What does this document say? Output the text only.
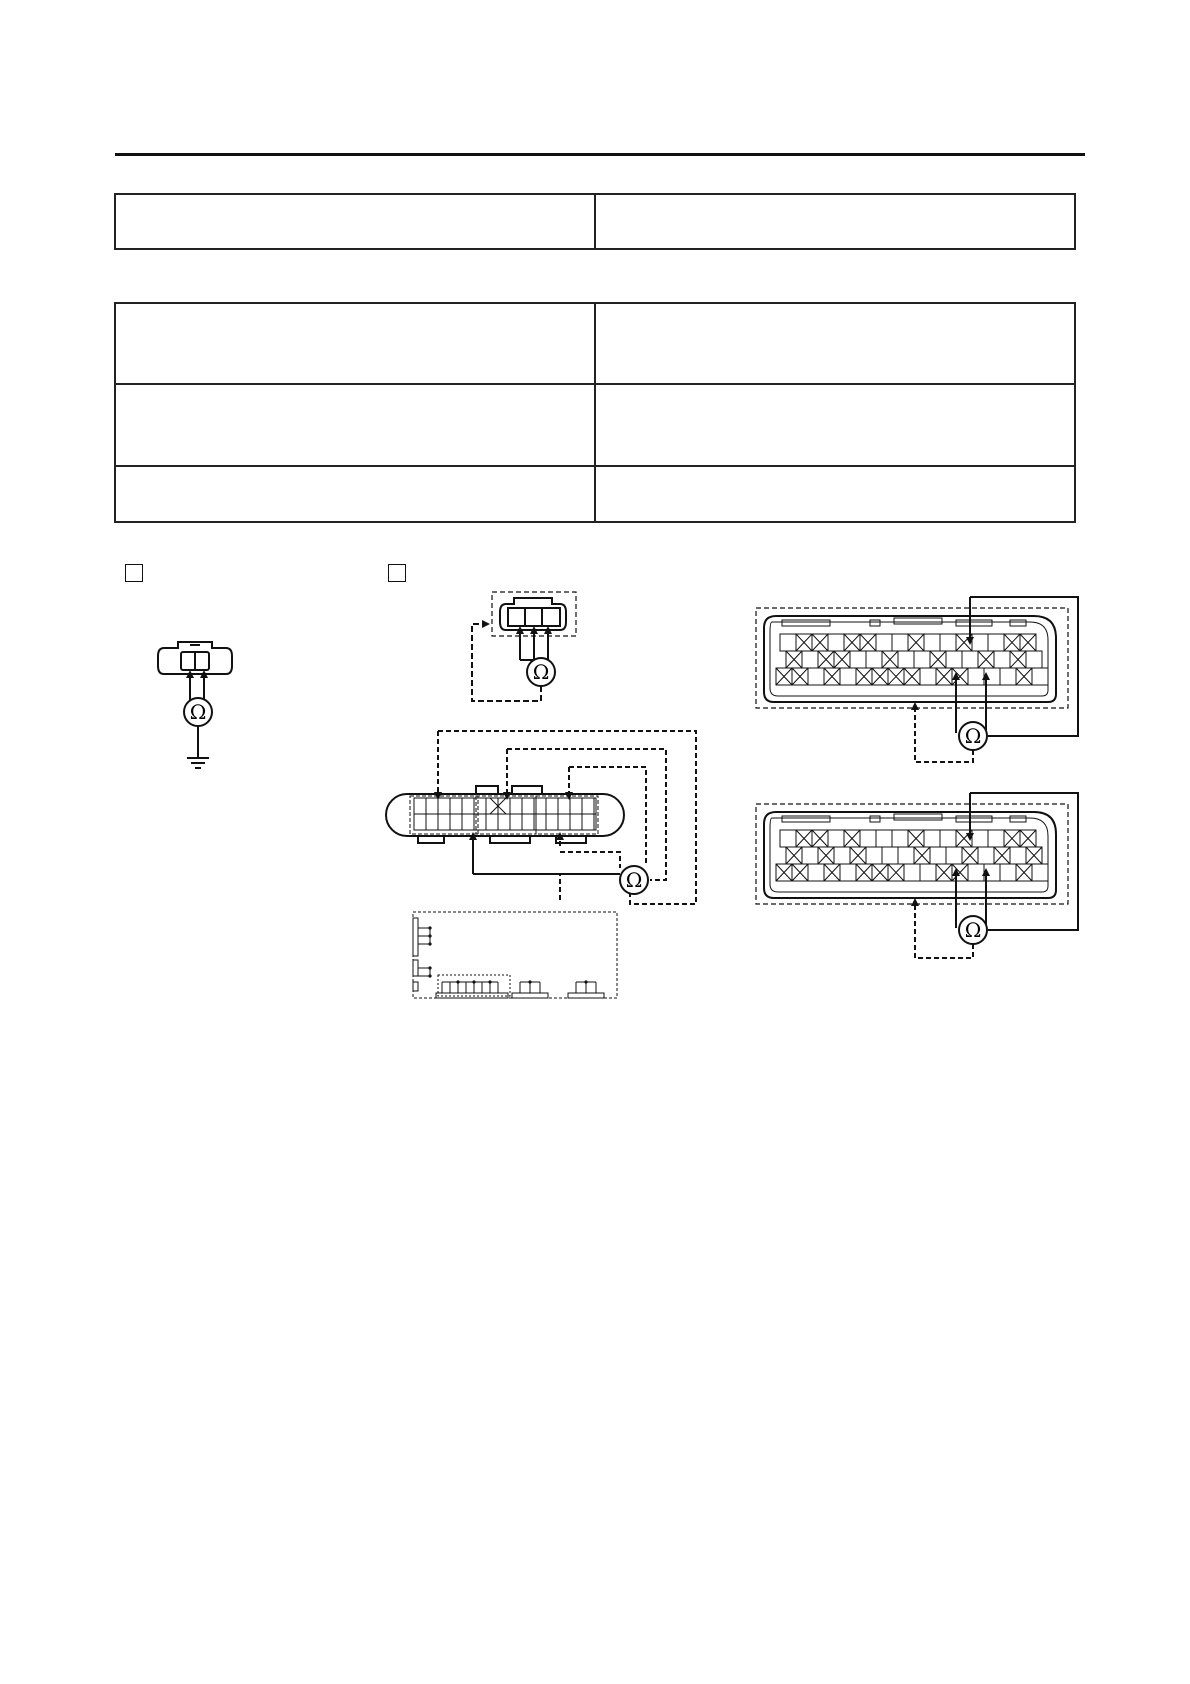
Ω
Ω
Ω
Ω
Ω
